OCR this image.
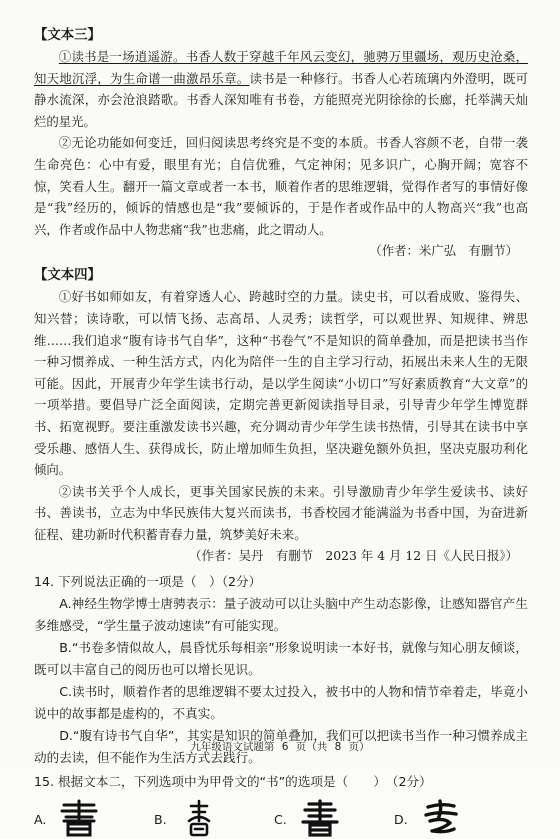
【文本三】

①读书是一场逍遥游。书香人数于穿越千年风云变幻，驰骋万里疆场，观历史沧桑，知天地沉浮，为生命谱一曲激昂乐章。读书是一种修行。书香人心若琉璃内外澄明，既可静水流深，亦会沧浪踏歌。书香人深知唯有书卷，方能照亮光阴徐徐的长廊，托举满天灿烂的星光。

②无论功能如何变迁，回归阅读思考终究是不变的本质。书香人容颜不老，自带一袭生命亮色：心中有爱，眼里有光；自信优雅，气定神闲；见多识广，心胸开阔；宽容不惊，笑看人生。翻开一篇文章或者一本书，顺着作者的思维逻辑，觉得作者写的事情好像是“我”经历的，倾诉的情感也是“我”要倾诉的，于是作者或作品中的人物高兴“我”也高兴，作者或作品中人物悲痛“我”也悲痛，此之谓动人。

（作者：米广弘　有删节）
【文本四】

①好书如师如友，有着穿透人心、跨越时空的力量。读史书，可以看成败、鉴得失、知兴替；读诗歌，可以情飞扬、志高昂、人灵秀；读哲学，可以观世界、知规律、辨思维……我们追求“腹有诗书气自华”，这种“书卷气”不是知识的简单叠加，而是把读书当作一种习惯养成、一种生活方式，内化为陪伴一生的自主学习行动，拓展出未来人生的无限可能。因此，开展青少年学生读书行动，是以学生阅读“小切口”写好素质教育“大文章”的一项举措。要倡导广泛全面阅读，定期完善更新阅读指导目录，引导青少年学生博览群书、拓宽视野。要注重激发读书兴趣，充分调动青少年学生读书热情，引导其在读书中享受乐趣、感悟人生、获得成长，防止增加师生负担，坚决避免额外负担，坚决克服功利化倾向。

②读书关乎个人成长，更事关国家民族的未来。引导激励青少年学生爱读书、读好书、善读书，立志为中华民族伟大复兴而读书，书香校园才能满溢为书香中国，为奋进新征程、建功新时代积蓄青春力量，筑梦美好未来。

（作者：吴丹　有删节　2023 年 4 月 12 日《人民日报》）
14. 下列说法正确的一项是（　）（2分）

A.神经生物学博士唐骋表示：量子波动可以让头脑中产生动态影像，让感知器官产生多维感受，“学生量子波动速读”有可能实现。

B.“书卷多情似故人，晨昏忧乐每相亲”形象说明读一本好书，就像与知心朋友倾谈，既可以丰富自己的阅历也可以增长见识。

C.读书时，顺着作者的思维逻辑不要太过投入，被书中的人物和情节牵着走，毕竟小说中的故事都是虚构的，不真实。

D.“腹有诗书气自华”，其实是知识的简单叠加，我们可以把读书当作一种习惯养成主动的去读，但不能作为生活方式去践行。

15. 根据文本二，下列选项中为甲骨文的“书”的选项是（　　）　（2分）
A.	B.	C.	D.
九年级语文试题第 6 页（共 8 页）
